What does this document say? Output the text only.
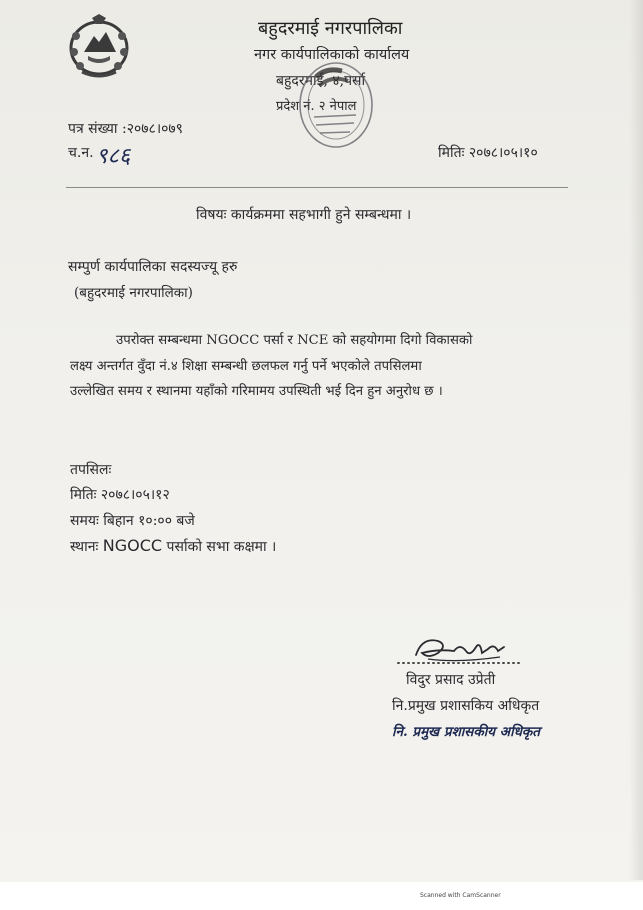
बहुदरमाई नगरपालिका
नगर कार्यपालिकाको कार्यालय
बहुदरमाई, ४,पर्सा
प्रदेश नं. २ नेपाल
पत्र संख्या :२०७८।०७९
च.न. ९८६	मितिः २०७८।०५।१०
विषयः कार्यक्रममा सहभागी हुने सम्बन्धमा ।
सम्पुर्ण कार्यपालिका सदस्यज्यू हरु
(बहुदरमाई नगरपालिका)
उपरोक्त सम्बन्धमा NGOCC पर्सा र NCE को सहयोगमा दिगो विकासको
लक्ष्य अन्तर्गत वुँदा नं.४ शिक्षा सम्बन्धी छलफल गर्नु पर्ने भएकोले तपसिलमा
उल्लेखित समय र स्थानमा यहाँको गरिमामय उपस्थिती भई दिन हुन अनुरोध छ ।
तपसिलः
मितिः २०७८।०५।१२
समयः बिहान १०:०० बजे
स्थानः NGOCC पर्साको सभा कक्षमा ।
विदुर प्रसाद उप्रेती
नि.प्रमुख प्रशासकिय अधिकृत
नि. प्रमुख प्रशासकीय अधिकृत
Scanned with CamScanner
